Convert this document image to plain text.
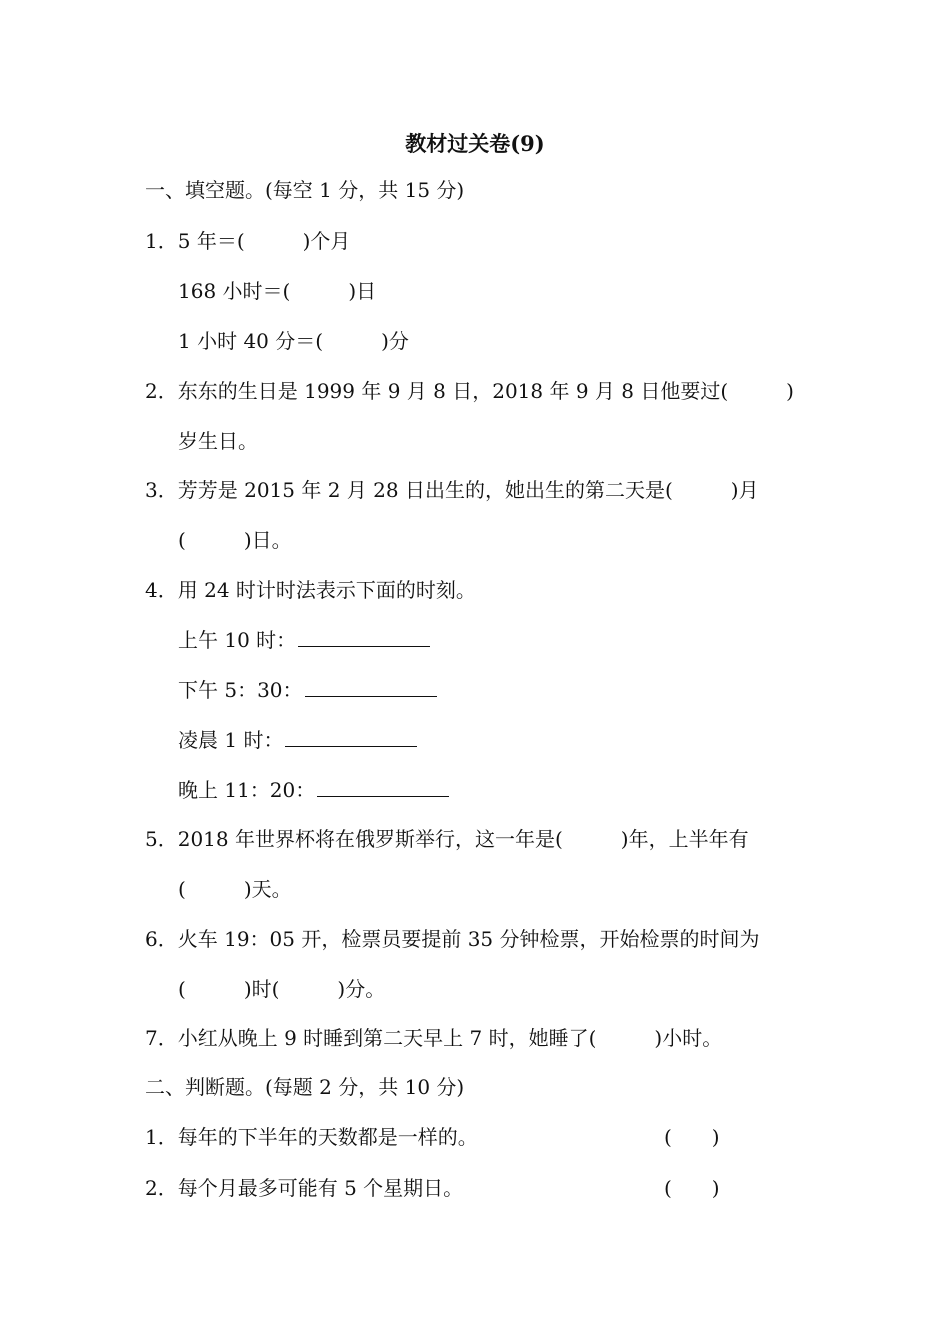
教材过关卷(9)
一、填空题。(每空 1 分，共 15 分)
1．5 年＝(	)个月
168 小时＝(	)日
1 小时 40 分＝(	)分
2．东东的生日是 1999 年 9 月 8 日，2018 年 9 月 8 日他要过(	)
岁生日。
3．芳芳是 2015 年 2 月 28 日出生的，她出生的第二天是(	)月
(	)日。
4．用 24 时计时法表示下面的时刻。
上午 10 时：
下午 5：30：
凌晨 1 时：
晚上 11：20：
5．2018 年世界杯将在俄罗斯举行，这一年是(	)年，上半年有
(	)天。
6．火车 19：05 开，检票员要提前 35 分钟检票，开始检票的时间为
(	)时(	)分。
7．小红从晚上 9 时睡到第二天早上 7 时，她睡了(	)小时。
二、判断题。(每题 2 分，共 10 分)
1．每年的下半年的天数都是一样的。	(　　)
2．每个月最多可能有 5 个星期日。	(　　)
